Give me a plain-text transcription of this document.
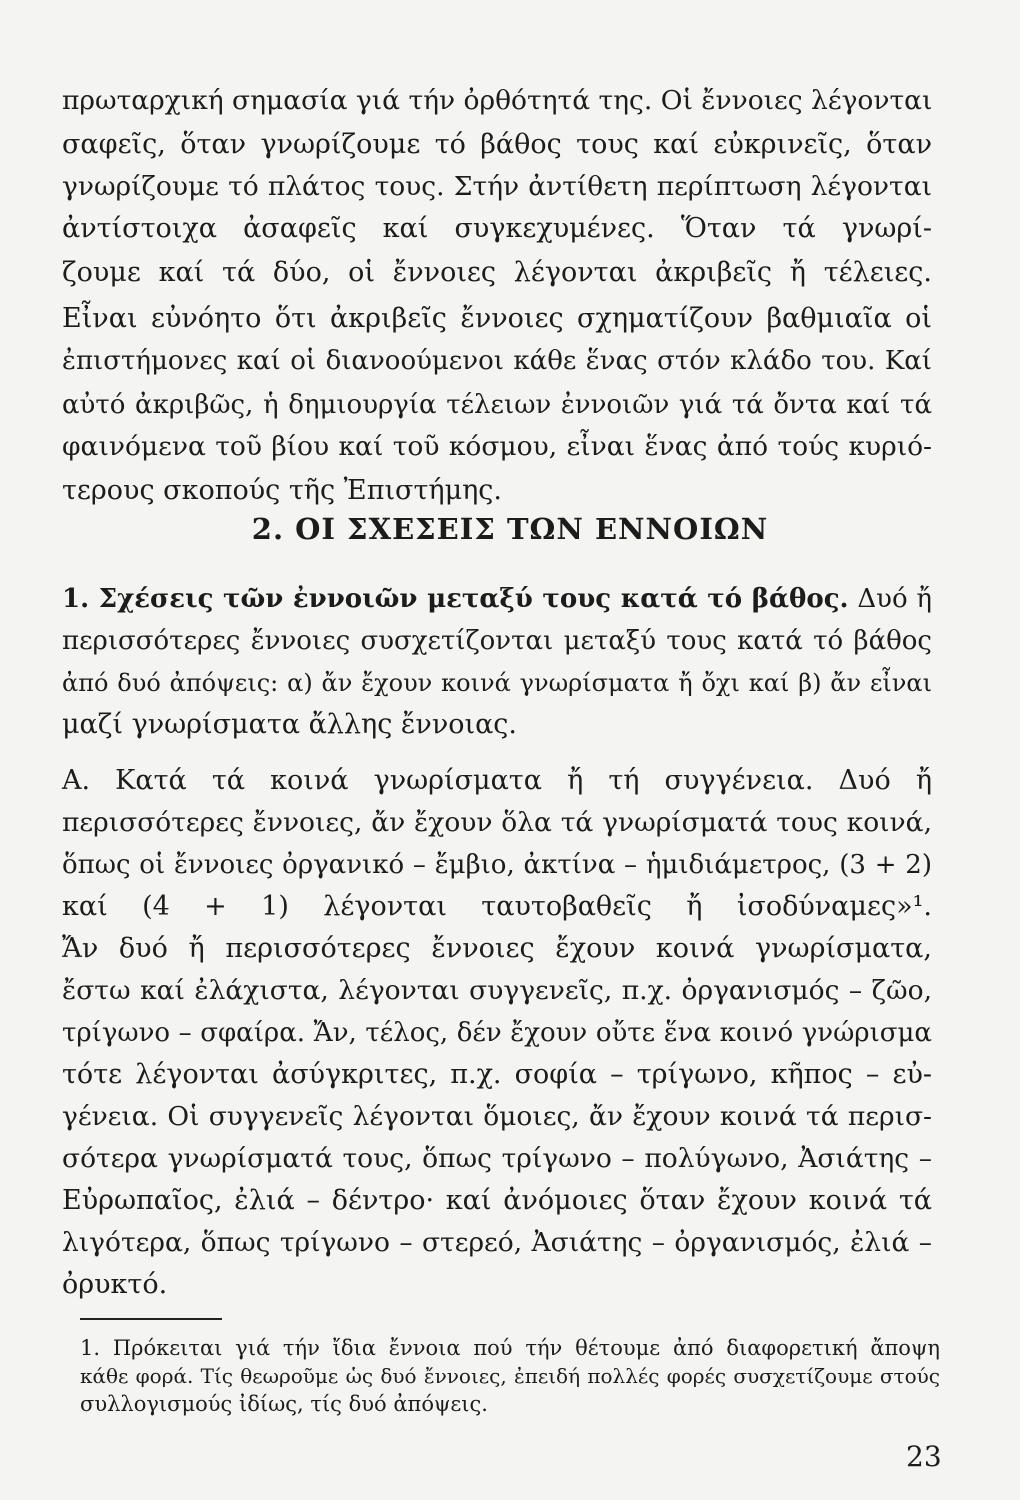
πρωταρχική σημασία γιά τήν ὀρθότητά της. Οἱ ἔννοιες λέγονται
σαφεῖς, ὅταν γνωρίζουμε τό βάθος τους καί εὐκρινεῖς, ὅταν
γνωρίζουμε τό πλάτος τους. Στήν ἀντίθετη περίπτωση λέγονται
ἀντίστοιχα ἀσαφεῖς καί συγκεχυμένες. Ὅταν τά γνωρί-
ζουμε καί τά δύο, οἱ ἔννοιες λέγονται ἀκριβεῖς ἤ τέλειες.
Εἶναι εὐνόητο ὅτι ἀκριβεῖς ἔννοιες σχηματίζουν βαθμιαῖα οἱ
ἐπιστήμονες καί οἱ διανοούμενοι κάθε ἕνας στόν κλάδο του. Καί
αὐτό ἀκριβῶς, ἡ δημιουργία τέλειων ἐννοιῶν γιά τά ὄντα καί τά
φαινόμενα τοῦ βίου καί τοῦ κόσμου, εἶναι ἕνας ἀπό τούς κυριό-
τερους σκοπούς τῆς Ἐπιστήμης.
2. ΟΙ ΣΧΕΣΕΙΣ ΤΩΝ ΕΝΝΟΙΩΝ
1. Σχέσεις τῶν ἐννοιῶν μεταξύ τους κατά τό βάθος. Δυό ἤ
περισσότερες ἔννοιες συσχετίζονται μεταξύ τους κατά τό βάθος
ἀπό δυό ἀπόψεις: α) ἄν ἔχουν κοινά γνωρίσματα ἤ ὄχι καί β) ἄν εἶναι
μαζί γνωρίσματα ἄλλης ἔννοιας.
Α. Κατά τά κοινά γνωρίσματα ἤ τή συγγένεια. Δυό ἤ
περισσότερες ἔννοιες, ἄν ἔχουν ὅλα τά γνωρίσματά τους κοινά,
ὅπως οἱ ἔννοιες ὀργανικό – ἔμβιο, ἀκτίνα – ἡμιδιάμετρος, (3 + 2)
καί (4 + 1) λέγονται ταυτοβαθεῖς ἤ ἰσοδύναμες»¹.
Ἄν δυό ἤ περισσότερες ἔννοιες ἔχουν κοινά γνωρίσματα,
ἔστω καί ἐλάχιστα, λέγονται συγγενεῖς, π.χ. ὀργανισμός – ζῶο,
τρίγωνο – σφαίρα. Ἄν, τέλος, δέν ἔχουν οὔτε ἕνα κοινό γνώρισμα
τότε λέγονται ἀσύγκριτες, π.χ. σοφία – τρίγωνο, κῆπος – εὐ-
γένεια. Οἱ συγγενεῖς λέγονται ὅμοιες, ἄν ἔχουν κοινά τά περισ-
σότερα γνωρίσματά τους, ὅπως τρίγωνο – πολύγωνο, Ἀσιάτης –
Εὐρωπαῖος, ἐλιά – δέντρο· καί ἀνόμοιες ὅταν ἔχουν κοινά τά
λιγότερα, ὅπως τρίγωνο – στερεό, Ἀσιάτης – ὀργανισμός, ἐλιά –
ὀρυκτό.
1. Πρόκειται γιά τήν ἴδια ἔννοια πού τήν θέτουμε ἀπό διαφορετική ἄποψη
κάθε φορά. Τίς θεωροῦμε ὡς δυό ἔννοιες, ἐπειδή πολλές φορές συσχετίζουμε στούς
συλλογισμούς ἰδίως, τίς δυό ἀπόψεις.
23
